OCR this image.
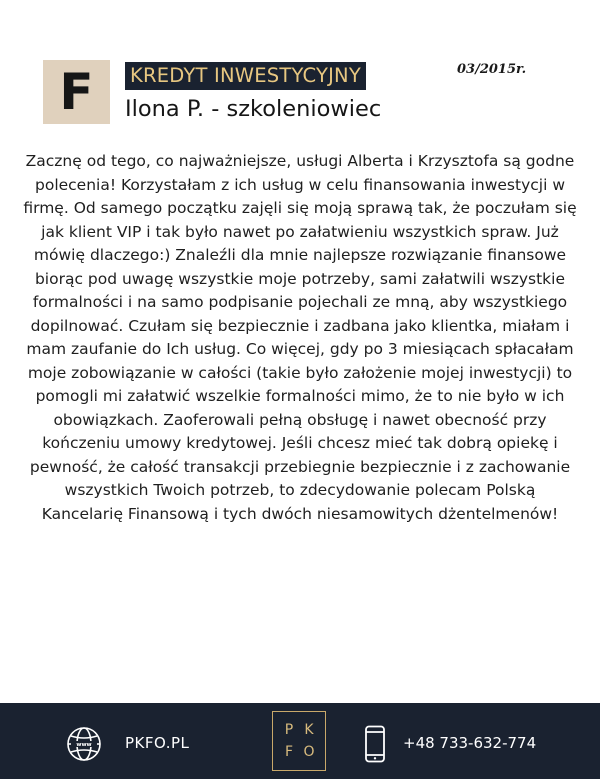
F KREDYT INWESTYCYJNY
Ilona P. - szkoleniowiec
03/2015r.

Zacznę od tego, co najważniejsze, usługi Alberta i Krzysztofa są godne polecenia! Korzystałam z ich usług w celu finansowania inwestycji w firmę. Od samego początku zajęli się moją sprawą tak, że poczułam się jak klient VIP i tak było nawet po załatwieniu wszystkich spraw. Już mówię dlaczego:) Znaleźli dla mnie najlepsze rozwiązanie finansowe biorąc pod uwagę wszystkie moje potrzeby, sami załatwili wszystkie formalności i na samo podpisanie pojechali ze mną, aby wszystkiego dopilnować. Czułam się bezpiecznie i zadbana jako klientka, miałam i mam zaufanie do Ich usług. Co więcej, gdy po 3 miesiącach spłacałam moje zobowiązanie w całości (takie było założenie mojej inwestycji) to pomogli mi załatwić wszelkie formalności mimo, że to nie było w ich obowiązkach. Zaoferowali pełną obsługę i nawet obecność przy kończeniu umowy kredytowej. Jeśli chcesz mieć tak dobrą opiekę i pewność, że całość transakcji przebiegnie bezpiecznie i z zachowanie wszystkich Twoich potrzeb, to zdecydowanie polecam Polską Kancelarię Finansową i tych dwóch niesamowitych dżentelmenów!

www PKFO.PL
P K
F O	+48 733-632-774
